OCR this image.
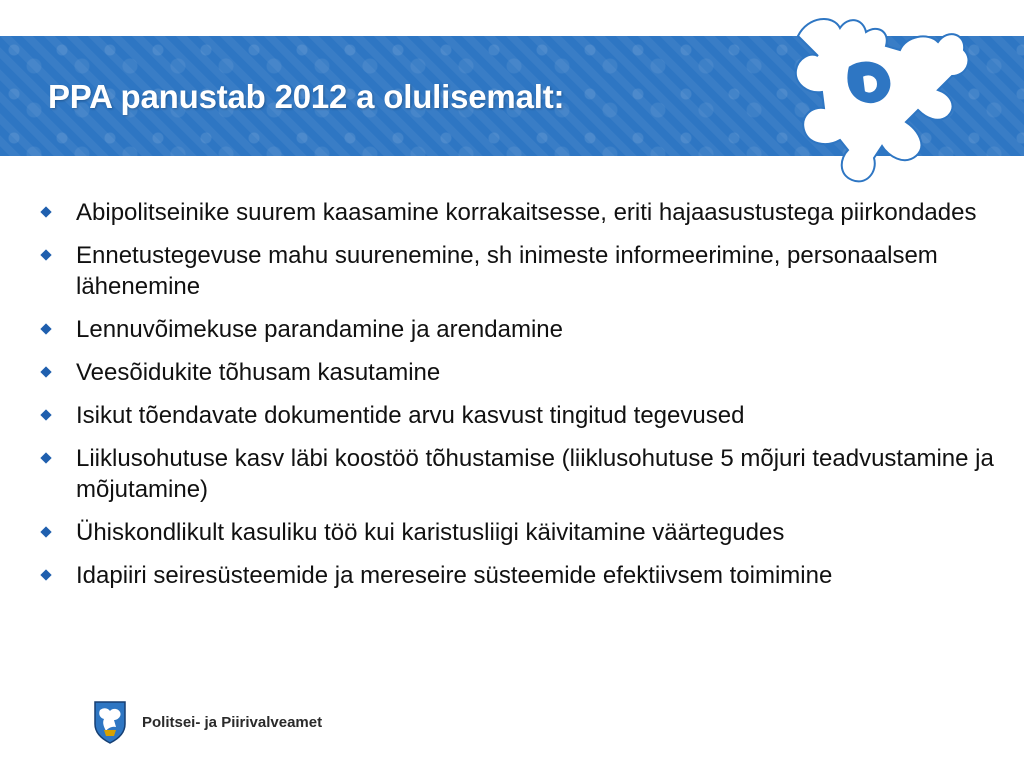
PPA panustab 2012 a olulisemalt:
Abipolitseinike suurem kaasamine korrakaitsesse, eriti hajaasustustega piirkondades
Ennetustegevuse mahu suurenemine, sh inimeste informeerimine, personaalsem lähenemine
Lennuvõimekuse parandamine ja arendamine
Veesõidukite tõhusam kasutamine
Isikut tõendavate dokumentide arvu kasvust tingitud tegevused
Liiklusohutuse kasv läbi koostöö tõhustamise (liiklusohutuse 5 mõjuri teadvustamine ja mõjutamine)
Ühiskondlikult kasuliku töö kui karistusliigi käivitamine väärtegudes
Idapiiri seiresüsteemide ja mereseire süsteemide efektiivsem toimimine
Politsei- ja Piirivalveamet
